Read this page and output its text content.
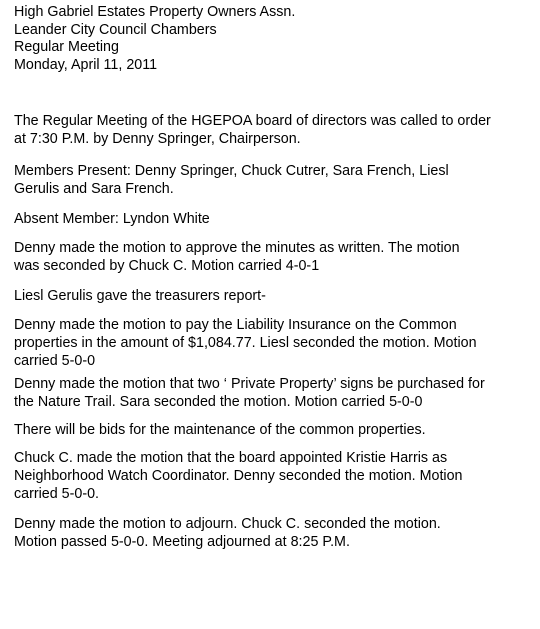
High Gabriel Estates Property Owners Assn.
Leander City Council Chambers
Regular Meeting
Monday, April 11, 2011

The Regular Meeting of the HGEPOA board of directors was called to order
at 7:30 P.M. by Denny Springer, Chairperson.

Members Present: Denny Springer, Chuck Cutrer, Sara French, Liesl
Gerulis and Sara French.

Absent Member: Lyndon White

Denny made the motion to approve the minutes as written. The motion
was seconded by Chuck C. Motion carried 4-0-1

Liesl Gerulis gave the treasurers report-

Denny made the motion to pay the Liability Insurance on the Common
properties in the amount of $1,084.77. Liesl seconded the motion. Motion
carried 5-0-0

Denny made the motion that two ‘ Private Property’ signs be purchased for
the Nature Trail. Sara seconded the motion. Motion carried 5-0-0

There will be bids for the maintenance of the common properties.

Chuck C. made the motion that the board appointed Kristie Harris as
Neighborhood Watch Coordinator. Denny seconded the motion. Motion
carried 5-0-0.

Denny made the motion to adjourn. Chuck C. seconded the motion.
Motion passed 5-0-0. Meeting adjourned at 8:25 P.M.
